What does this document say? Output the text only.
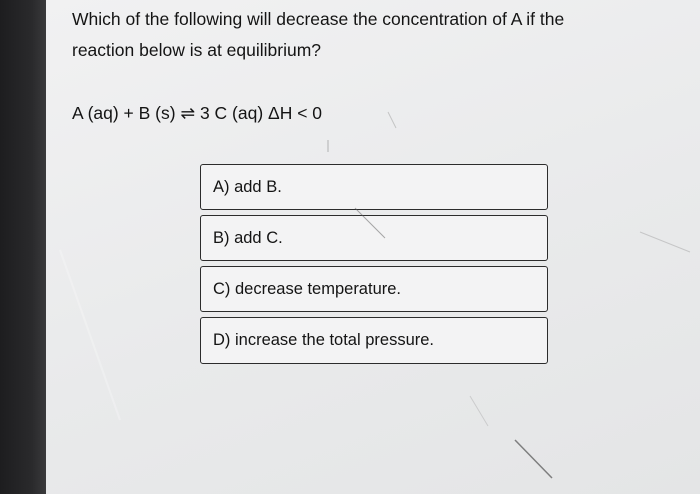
Which of the following will decrease the concentration of A if the
reaction below is at equilibrium?
A (aq) + B (s) ⇌ 3 C (aq) ΔH < 0
A) add B.
B) add C.
C) decrease temperature.
D) increase the total pressure.
